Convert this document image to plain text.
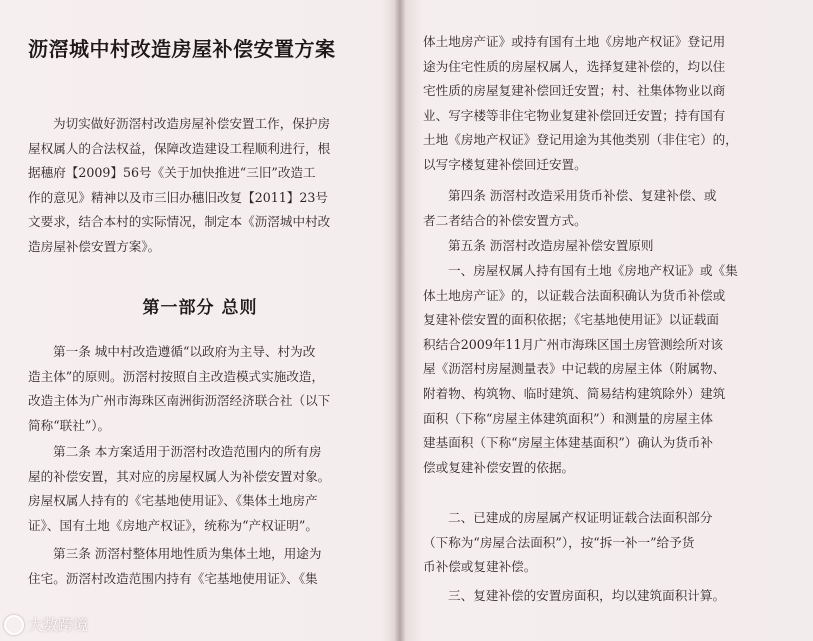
沥滘城中村改造房屋补偿安置方案
为切实做好沥滘村改造房屋补偿安置工作，保护房
屋权属人的合法权益，保障改造建设工程顺利进行，根
据穗府【2009】56号《关于加快推进“三旧”改造工
作的意见》精神以及市三旧办穗旧改复【2011】23号
文要求，结合本村的实际情况，制定本《沥滘城中村改
造房屋补偿安置方案》。
第一部分 总则
第一条 城中村改造遵循“以政府为主导、村为改
造主体”的原则。沥滘村按照自主改造模式实施改造，
改造主体为广州市海珠区南洲街沥滘经济联合社（以下
简称“联社”）。
第二条 本方案适用于沥滘村改造范围内的所有房
屋的补偿安置，其对应的房屋权属人为补偿安置对象。
房屋权属人持有的《宅基地使用证》、《集体土地房产
证》、国有土地《房地产权证》，统称为“产权证明”。
第三条 沥滘村整体用地性质为集体土地，用途为
住宅。沥滘村改造范围内持有《宅基地使用证》、《集
体土地房产证》或持有国有土地《房地产权证》登记用
途为住宅性质的房屋权属人，选择复建补偿的，均以住
宅性质的房屋复建补偿回迁安置；村、社集体物业以商
业、写字楼等非住宅物业复建补偿回迁安置；持有国有
土地《房地产权证》登记用途为其他类别（非住宅）的，
以写字楼复建补偿回迁安置。
第四条 沥滘村改造采用货币补偿、复建补偿、或
者二者结合的补偿安置方式。
第五条 沥滘村改造房屋补偿安置原则
一、房屋权属人持有国有土地《房地产权证》或《集
体土地房产证》的，以证载合法面积确认为货币补偿或
复建补偿安置的面积依据；《宅基地使用证》以证载面
积结合2009年11月广州市海珠区国土房管测绘所对该
屋《沥滘村房屋测量表》中记载的房屋主体（附属物、
附着物、构筑物、临时建筑、简易结构建筑除外）建筑
面积（下称“房屋主体建筑面积”）和测量的房屋主体
建基面积（下称“房屋主体建基面积”）确认为货币补
偿或复建补偿安置的依据。
二、已建成的房屋属产权证明证载合法面积部分
（下称为“房屋合法面积”），按“拆一补一”给予货
币补偿或复建补偿。
三、复建补偿的安置房面积，均以建筑面积计算。
大数跨境
